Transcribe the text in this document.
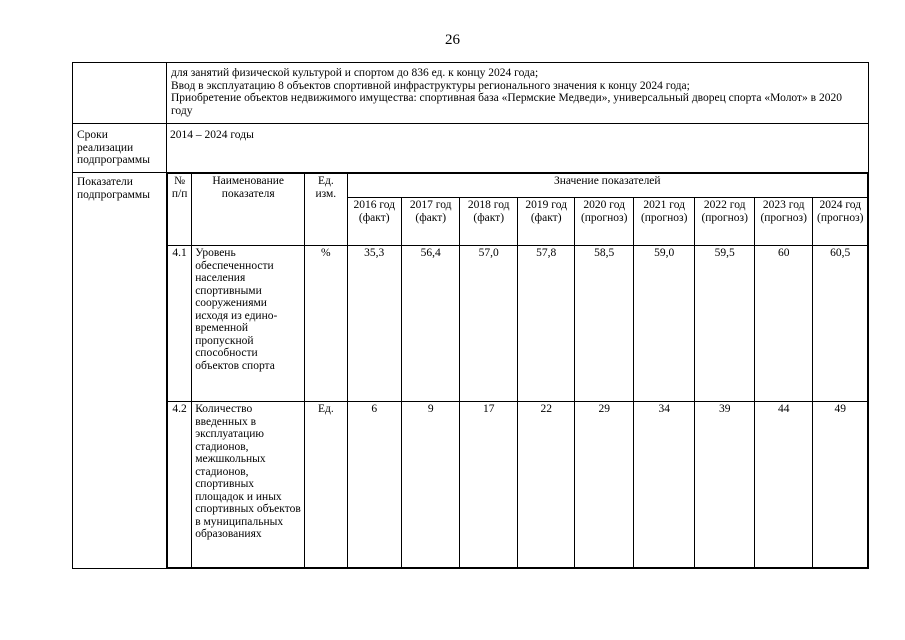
26

для занятий физической культурой и спортом до 836 ед. к концу 2024 года;
Ввод в эксплуатацию 8 объектов спортивной инфраструктуры регионального значения к концу 2024 года;
Приобретение объектов недвижимого имущества: спортивная база «Пермские Медведи», универсальный дворец спорта «Молот» в 2020 году

Сроки реализации подпрограммы	2014 – 2024 годы
Показатели подпрограммы	
№ п/п	Наименование показателя	Ед. изм.	Значение показателей
2016 год (факт)	2017 год (факт)	2018 год (факт)	2019 год (факт)	2020 год (прогноз)	2021 год (прогноз)	2022 год (прогноз)	2023 год (прогноз)	2024 год (прогноз)
4.1	Уровень обеспеченности населения спортивными сооружениями исходя из едино-временной пропускной способности объектов спорта	%	35,3	56,4	57,0	57,8	58,5	59,0	59,5	60	60,5
4.2	Количество введенных в эксплуатацию стадионов, межшкольных стадионов, спортивных площадок и иных спортивных объектов в муниципальных образованиях	Ед.	6	9	17	22	29	34	39	44	49
